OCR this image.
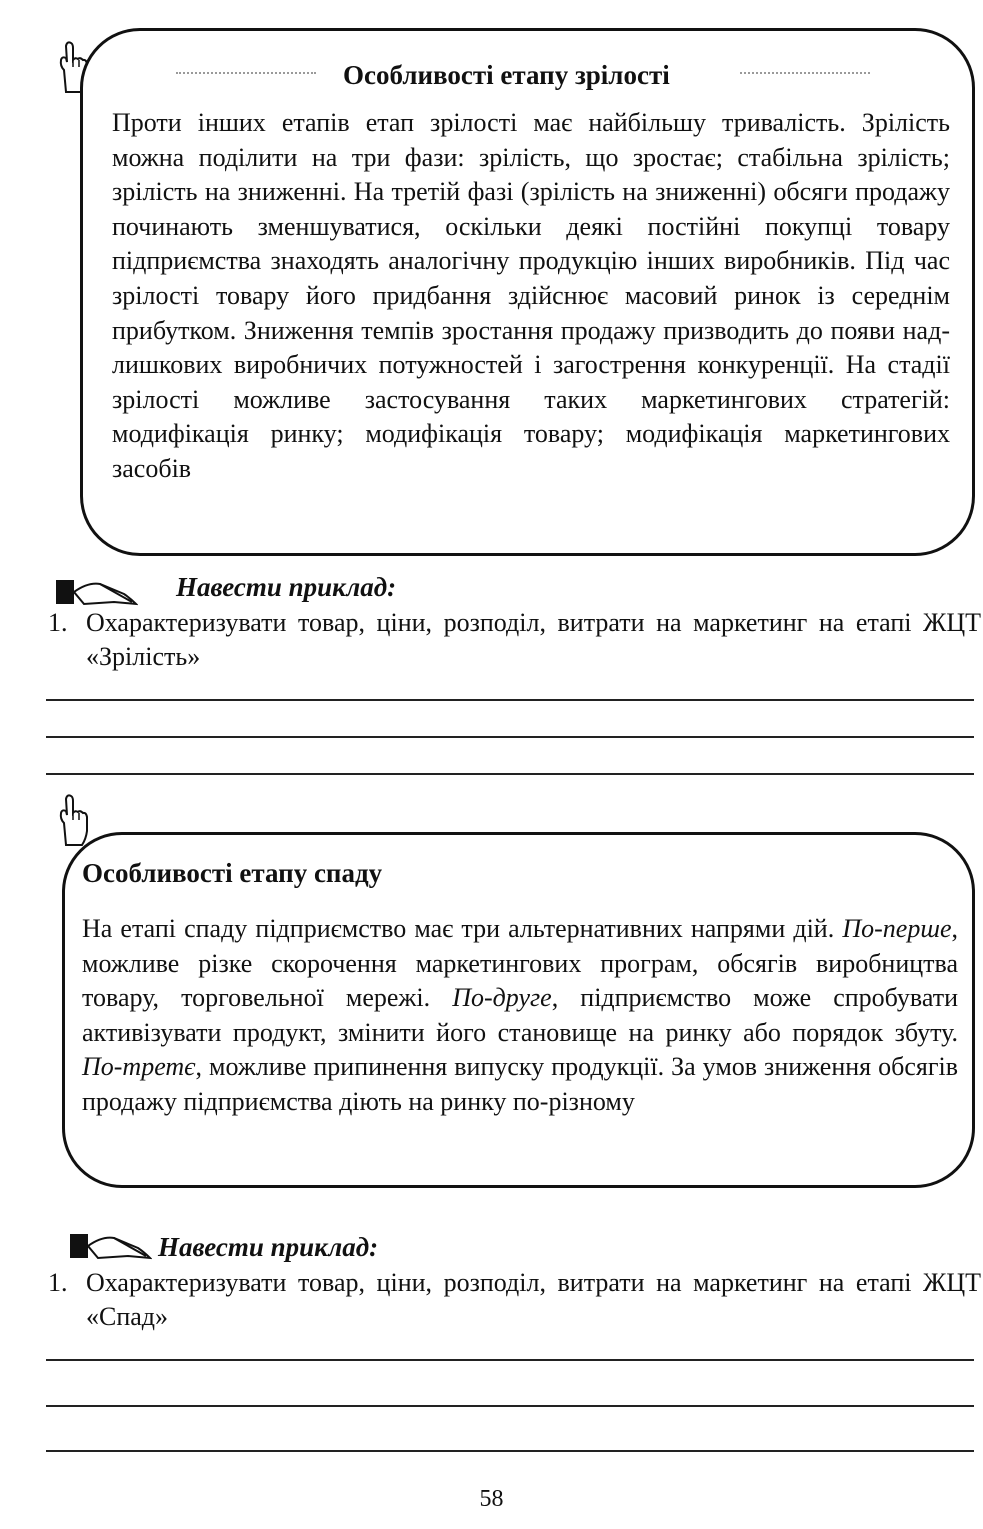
Особливості етапу зрілості
Проти інших етапів етап зрілості має найбільшу тривалість. Зрілість можна поділити на три фази: зрілість, що зростає; стабільна зрілість; зрілість на зниженні. На третій фазі (зрілість на зниженні) обсяги продажу починають зменшуватися, оскільки деякі постійні покупці товару підприємства знаходять аналогічну продукцію інших виробників. Під час зрілості товару його придбання здійснює масовий ринок із середнім прибутком. Зниження темпів зростання продажу призводить до появи над-лишкових виробничих потужностей і загострення конкуренції. На стадії зрілості можливе застосування таких маркетингових стратегій: модифікація ринку; модифікація товару; модифікація маркетингових засобів
Навести приклад:
1. Охарактеризувати товар, ціни, розподіл, витрати на маркетинг на етапі ЖЦТ «Зрілість»
Особливості етапу спаду
На етапі спаду підприємство має три альтернативних напрями дій. По-перше, можливе різке скорочення маркетингових програм, обсягів виробництва товару, торговельної мережі. По-друге, підприємство може спробувати активізувати продукт, змінити його становище на ринку або порядок збуту. По-третє, можливе припинення випуску продукції. За умов зниження обсягів продажу підприємства діють на ринку по-різному
Навести приклад:
1. Охарактеризувати товар, ціни, розподіл, витрати на маркетинг на етапі ЖЦТ «Спад»
58
